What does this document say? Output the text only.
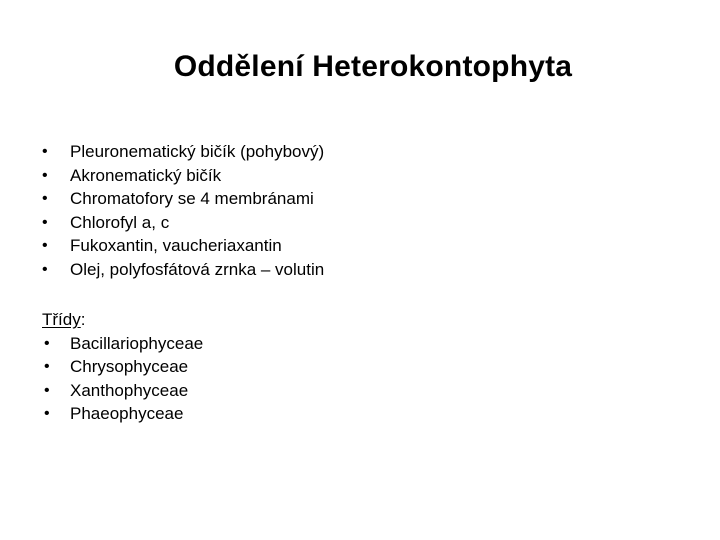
Oddělení Heterokontophyta
• Pleuronematický bičík (pohybový)
• Akronematický bičík
• Chromatofory se 4 membránami
• Chlorofyl a, c
• Fukoxantin, vaucheriaxantin
• Olej, polyfosfátová zrnka – volutin
Třídy:
• Bacillariophyceae
• Chrysophyceae
• Xanthophyceae
• Phaeophyceae
